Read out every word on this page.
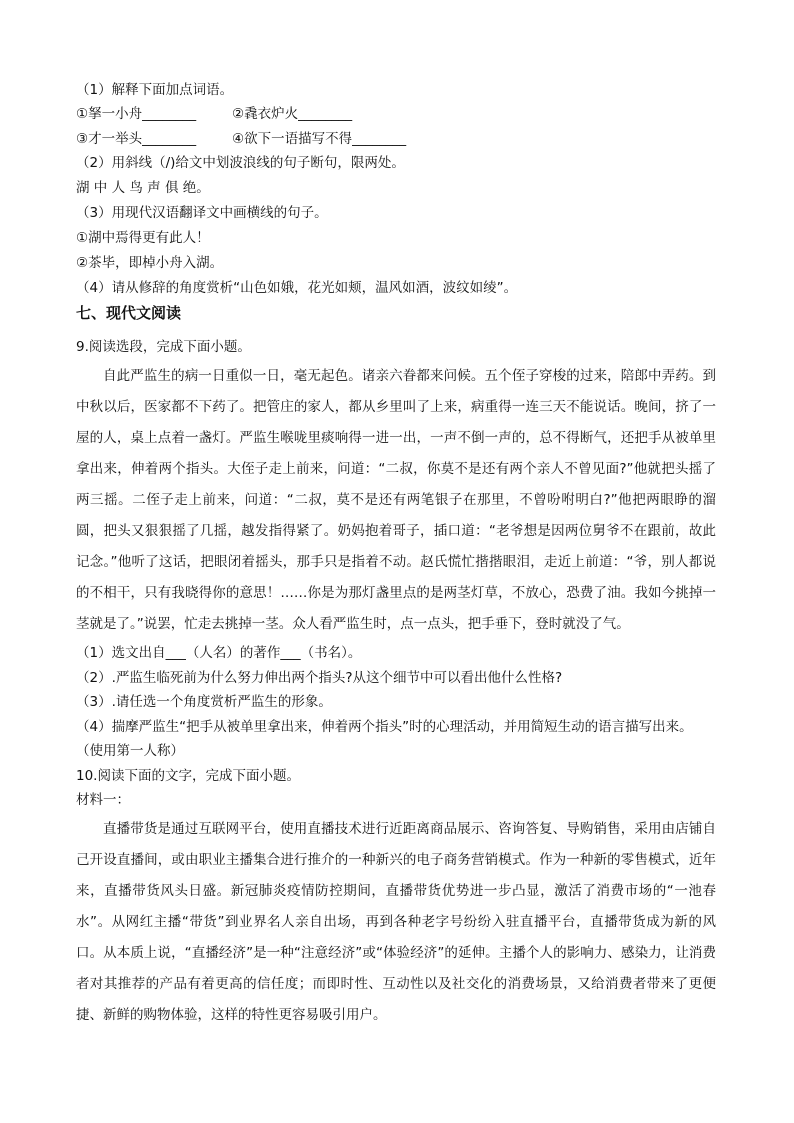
（1）解释下面加点词语。
①拏一小舟________	②毳衣炉火________
③才一举头________	④欲下一语描写不得________
（2）用斜线（/)给文中划波浪线的句子断句，限两处。
湖 中 人 鸟 声 俱 绝。
（3）用现代汉语翻译文中画横线的句子。
①湖中焉得更有此人！
②茶毕，即棹小舟入湖。
（4）请从修辞的角度赏析“山色如娥，花光如颊，温风如酒，波纹如绫”。
七、现代文阅读
9.阅读选段，完成下面小题。
自此严监生的病一日重似一日，毫无起色。诸亲六眷都来问候。五个侄子穿梭的过来，陪郎中弄药。到中秋以后，医家都不下药了。把管庄的家人，都从乡里叫了上来，病重得一连三天不能说话。晚间，挤了一屋的人，桌上点着一盏灯。严监生喉咙里痰响得一进一出，一声不倒一声的，总不得断气，还把手从被单里拿出来，伸着两个指头。大侄子走上前来，问道：“二叔，你莫不是还有两个亲人不曾见面?”他就把头摇了两三摇。二侄子走上前来，问道：“二叔，莫不是还有两笔银子在那里，不曾吩咐明白?”他把两眼睁的溜圆，把头又狠狠摇了几摇，越发指得紧了。奶妈抱着哥子，插口道：“老爷想是因两位舅爷不在跟前，故此记念。”他听了这话，把眼闭着摇头，那手只是指着不动。赵氏慌忙揩揩眼泪，走近上前道：“爷，别人都说的不相干，只有我晓得你的意思！……你是为那灯盏里点的是两茎灯草，不放心，恐费了油。我如今挑掉一茎就是了。”说罢，忙走去挑掉一茎。众人看严监生时，点一点头，把手垂下，登时就没了气。
（1）选文出自___（人名）的著作___（书名）。
（2）.严监生临死前为什么努力伸出两个指头?从这个细节中可以看出他什么性格?
（3）.请任选一个角度赏析严监生的形象。
（4）揣摩严监生“把手从被单里拿出来，伸着两个指头”时的心理活动，并用简短生动的语言描写出来。
（使用第一人称）
10.阅读下面的文字，完成下面小题。
材料一：
直播带货是通过互联网平台，使用直播技术进行近距离商品展示、咨询答复、导购销售，采用由店铺自己开设直播间，或由职业主播集合进行推介的一种新兴的电子商务营销模式。作为一种新的零售模式，近年来，直播带货风头日盛。新冠肺炎疫情防控期间，直播带货优势进一步凸显，激活了消费市场的“一池春水”。从网红主播“带货”到业界名人亲自出场，再到各种老字号纷纷入驻直播平台，直播带货成为新的风口。从本质上说，“直播经济”是一种“注意经济”或“体验经济”的延伸。主播个人的影响力、感染力，让消费者对其推荐的产品有着更高的信任度；而即时性、互动性以及社交化的消费场景，又给消费者带来了更便捷、新鲜的购物体验，这样的特性更容易吸引用户。
